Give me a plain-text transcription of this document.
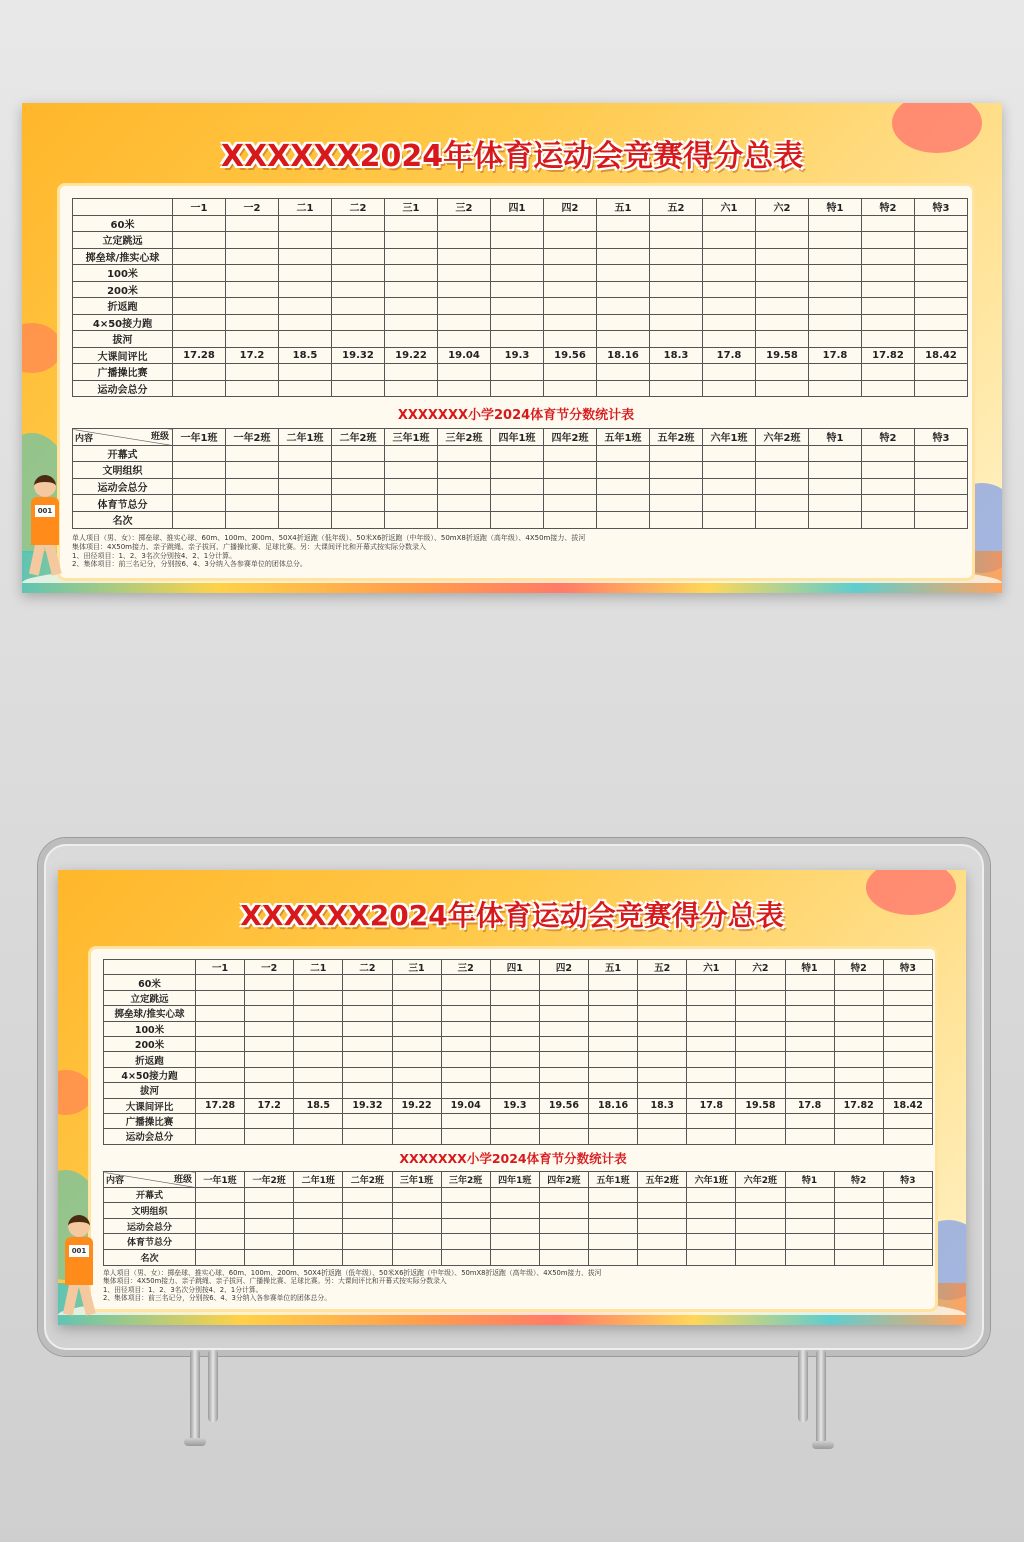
XXXXXX2024年体育运动会竞赛得分总表
	一1	一2	二1	二2	三1	三2	四1	四2	五1	五2	六1	六2	特1	特2	特3
60米															
立定跳远															
掷垒球/推实心球															
100米															
200米															
折返跑															
4×50接力跑															
拔河															
大课间评比	17.28	17.2	18.5	19.32	19.22	19.04	19.3	19.56	18.16	18.3	17.8	19.58	17.8	17.82	18.42
广播操比赛															
运动会总分															
XXXXXXX小学2024体育节分数统计表
内容 班级	一年1班	一年2班	二年1班	二年2班	三年1班	三年2班	四年1班	四年2班	五年1班	五年2班	六年1班	六年2班	特1	特2	特3
开幕式															
文明组织															
运动会总分															
体育节总分															
名次															
单人项目（男、女）：掷垒球、推实心球、60m、100m、200m、50X4折返跑（低年级）、50米X6折返跑（中年级）、50mX8折返跑（高年级）、4X50m接力、拔河
集体项目：4X50m接力、亲子跳绳、亲子拔河、广播操比赛、足球比赛。另：大课间评比和开幕式按实际分数录入
1、田径项目：1、2、3名次分别按4、2、1分计算。
2、集体项目：前三名记分，分别按6、4、3分纳入各参赛单位的团体总分。
001
XXXXXX2024年体育运动会竞赛得分总表
	一1	一2	二1	二2	三1	三2	四1	四2	五1	五2	六1	六2	特1	特2	特3
60米															
立定跳远															
掷垒球/推实心球															
100米															
200米															
折返跑															
4×50接力跑															
拔河															
大课间评比	17.28	17.2	18.5	19.32	19.22	19.04	19.3	19.56	18.16	18.3	17.8	19.58	17.8	17.82	18.42
广播操比赛															
运动会总分															
XXXXXXX小学2024体育节分数统计表
内容 班级	一年1班	一年2班	二年1班	二年2班	三年1班	三年2班	四年1班	四年2班	五年1班	五年2班	六年1班	六年2班	特1	特2	特3
开幕式															
文明组织															
运动会总分															
体育节总分															
名次															
单人项目（男、女）：掷垒球、推实心球、60m、100m、200m、50X4折返跑（低年级）、50米X6折返跑（中年级）、50mX8折返跑（高年级）、4X50m接力、拔河
集体项目：4X50m接力、亲子跳绳、亲子拔河、广播操比赛、足球比赛。另：大课间评比和开幕式按实际分数录入
1、田径项目：1、2、3名次分别按4、2、1分计算。
2、集体项目：前三名记分，分别按6、4、3分纳入各参赛单位的团体总分。
001
